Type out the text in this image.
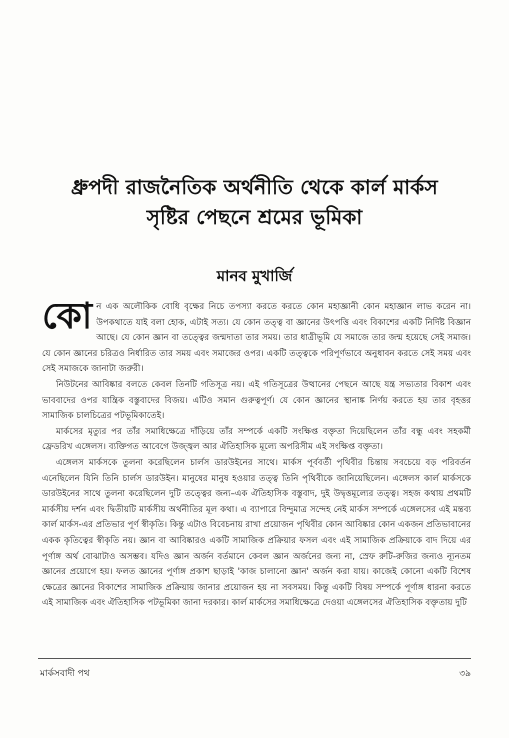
ধ্রুপদী রাজনৈতিক অর্থনীতি থেকে কার্ল মার্কস
সৃষ্টির পেছনে শ্রমের ভূমিকা
মানব মুখার্জি

কোন এক অলৌকিক বোধি বৃক্ষের নিচে তপস্যা করতে করতে কোন মহাজ্ঞানী কোন মহাজ্ঞান লাভ করেন না। উপকথাতে যাই বলা হোক, এটাই সত্য। যে কোন তত্ত্ব বা জ্ঞানের উৎপত্তি এবং বিকাশের একটি নির্দিষ্ট বিজ্ঞান আছে। যে কোন জ্ঞান বা তত্ত্বের জন্মদাতা তার সময়। তার ধাত্রীভূমি যে সমাজে তার জন্ম হয়েছে সেই সমাজ। যে কোন জ্ঞানের চরিত্রও নির্ধারিত তার সময় এবং সমাজের ওপর। একটি তত্ত্বকে পরিপূর্ণভাবে অনুধাবন করতে সেই সময় এবং সেই সমাজকে জানাটা জরুরী।

নিউটনের আবিষ্কার বলতে কেবল তিনটি গতিসূত্র নয়। এই গতিসূত্রের উত্থানের পেছনে আছে যন্ত্র সভ্যতার বিকাশ এবং ভাববাদের ওপর যান্ত্রিক বস্তুবাদের বিজয়। এটিও সমান গুরুত্বপূর্ণ। যে কোন জ্ঞানের স্থানাঙ্ক নির্ণয় করতে হয় তার বৃহত্তর সামাজিক চালচিত্রের পটভূমিকাতেই।

মার্কসের মৃত্যুর পর তাঁর সমাধিক্ষেত্রে দাঁড়িয়ে তাঁর সম্পর্কে একটি সংক্ষিপ্ত বক্তৃতা দিয়েছিলেন তাঁর বন্ধু এবং সহকর্মী ফ্রেডরিখ এঙ্গেলস। ব্যক্তিগত আবেগে উজ্জ্বল আর ঐতিহাসিক মূল্যে অপরিসীম এই সংক্ষিপ্ত বক্তৃতা।

এঙ্গেলস মার্কসকে তুলনা করেছিলেন চার্লস ডারউইনের সাথে। মার্কস পূর্ববর্তী পৃথিবীর চিন্তায় সবচেয়ে বড় পরিবর্তন এনেছিলেন যিনি তিনি চার্লস ডারউইন। মানুষের মানুষ হওয়ার তত্ত্ব তিনি পৃথিবীকে জানিয়েছিলেন। এঙ্গেলস কার্ল মার্কসকে ডারউইনের সাথে তুলনা করেছিলেন দুটি তত্ত্বের জন্য–এক ঐতিহাসিক বস্তুবাদ, দুই উদ্বৃত্তমূল্যের তত্ত্ব। সহজ কথায় প্রথমটি মার্কসীয় দর্শন এবং দ্বিতীয়টি মার্কসীয় অর্থনীতির মূল কথা। এ ব্যাপারে বিন্দুমাত্র সন্দেহ নেই মার্কস সম্পর্কে এঙ্গেলসের এই মন্তব্য কার্ল মার্কস-এর প্রতিভার পূর্ণ স্বীকৃতি। কিন্তু এটাও বিবেচনায় রাখা প্রয়োজন পৃথিবীর কোন আবিষ্কার কোন একজন প্রতিভাবানের একক কৃতিত্বের স্বীকৃতি নয়। জ্ঞান বা আবিষ্কারও একটি সামাজিক প্রক্রিয়ার ফসল এবং এই সামাজিক প্রক্রিয়াকে বাদ দিয়ে এর পূর্ণাঙ্গ অর্থ বোঝাটাও অসম্ভব। যদিও জ্ঞান অর্জন বর্তমানে কেবল জ্ঞান অর্জনের জন্য না, স্রেফ রুটি-রুজির জন্যও ন্যূনতম জ্ঞানের প্রয়োগে হয়। ফলত জ্ঞানের পূর্ণাঙ্গ প্রকাশ ছাড়াই 'কাজ চালানো জ্ঞান' অর্জন করা যায়। কাজেই কোনো একটি বিশেষ ক্ষেত্রের জ্ঞানের বিকাশের সামাজিক প্রক্রিয়ায় জানার প্রয়োজন হয় না সবসময়। কিন্তু একটি বিষয় সম্পর্কে পূর্ণাঙ্গ ধারনা করতে এই সামাজিক এবং ঐতিহাসিক পটভূমিকা জানা দরকার। কার্ল মার্কসের সমাধিক্ষেত্রে দেওয়া এঙ্গেলসের ঐতিহাসিক বক্তৃতায় দুটি

মার্কসবাদী পথ	৩৯
